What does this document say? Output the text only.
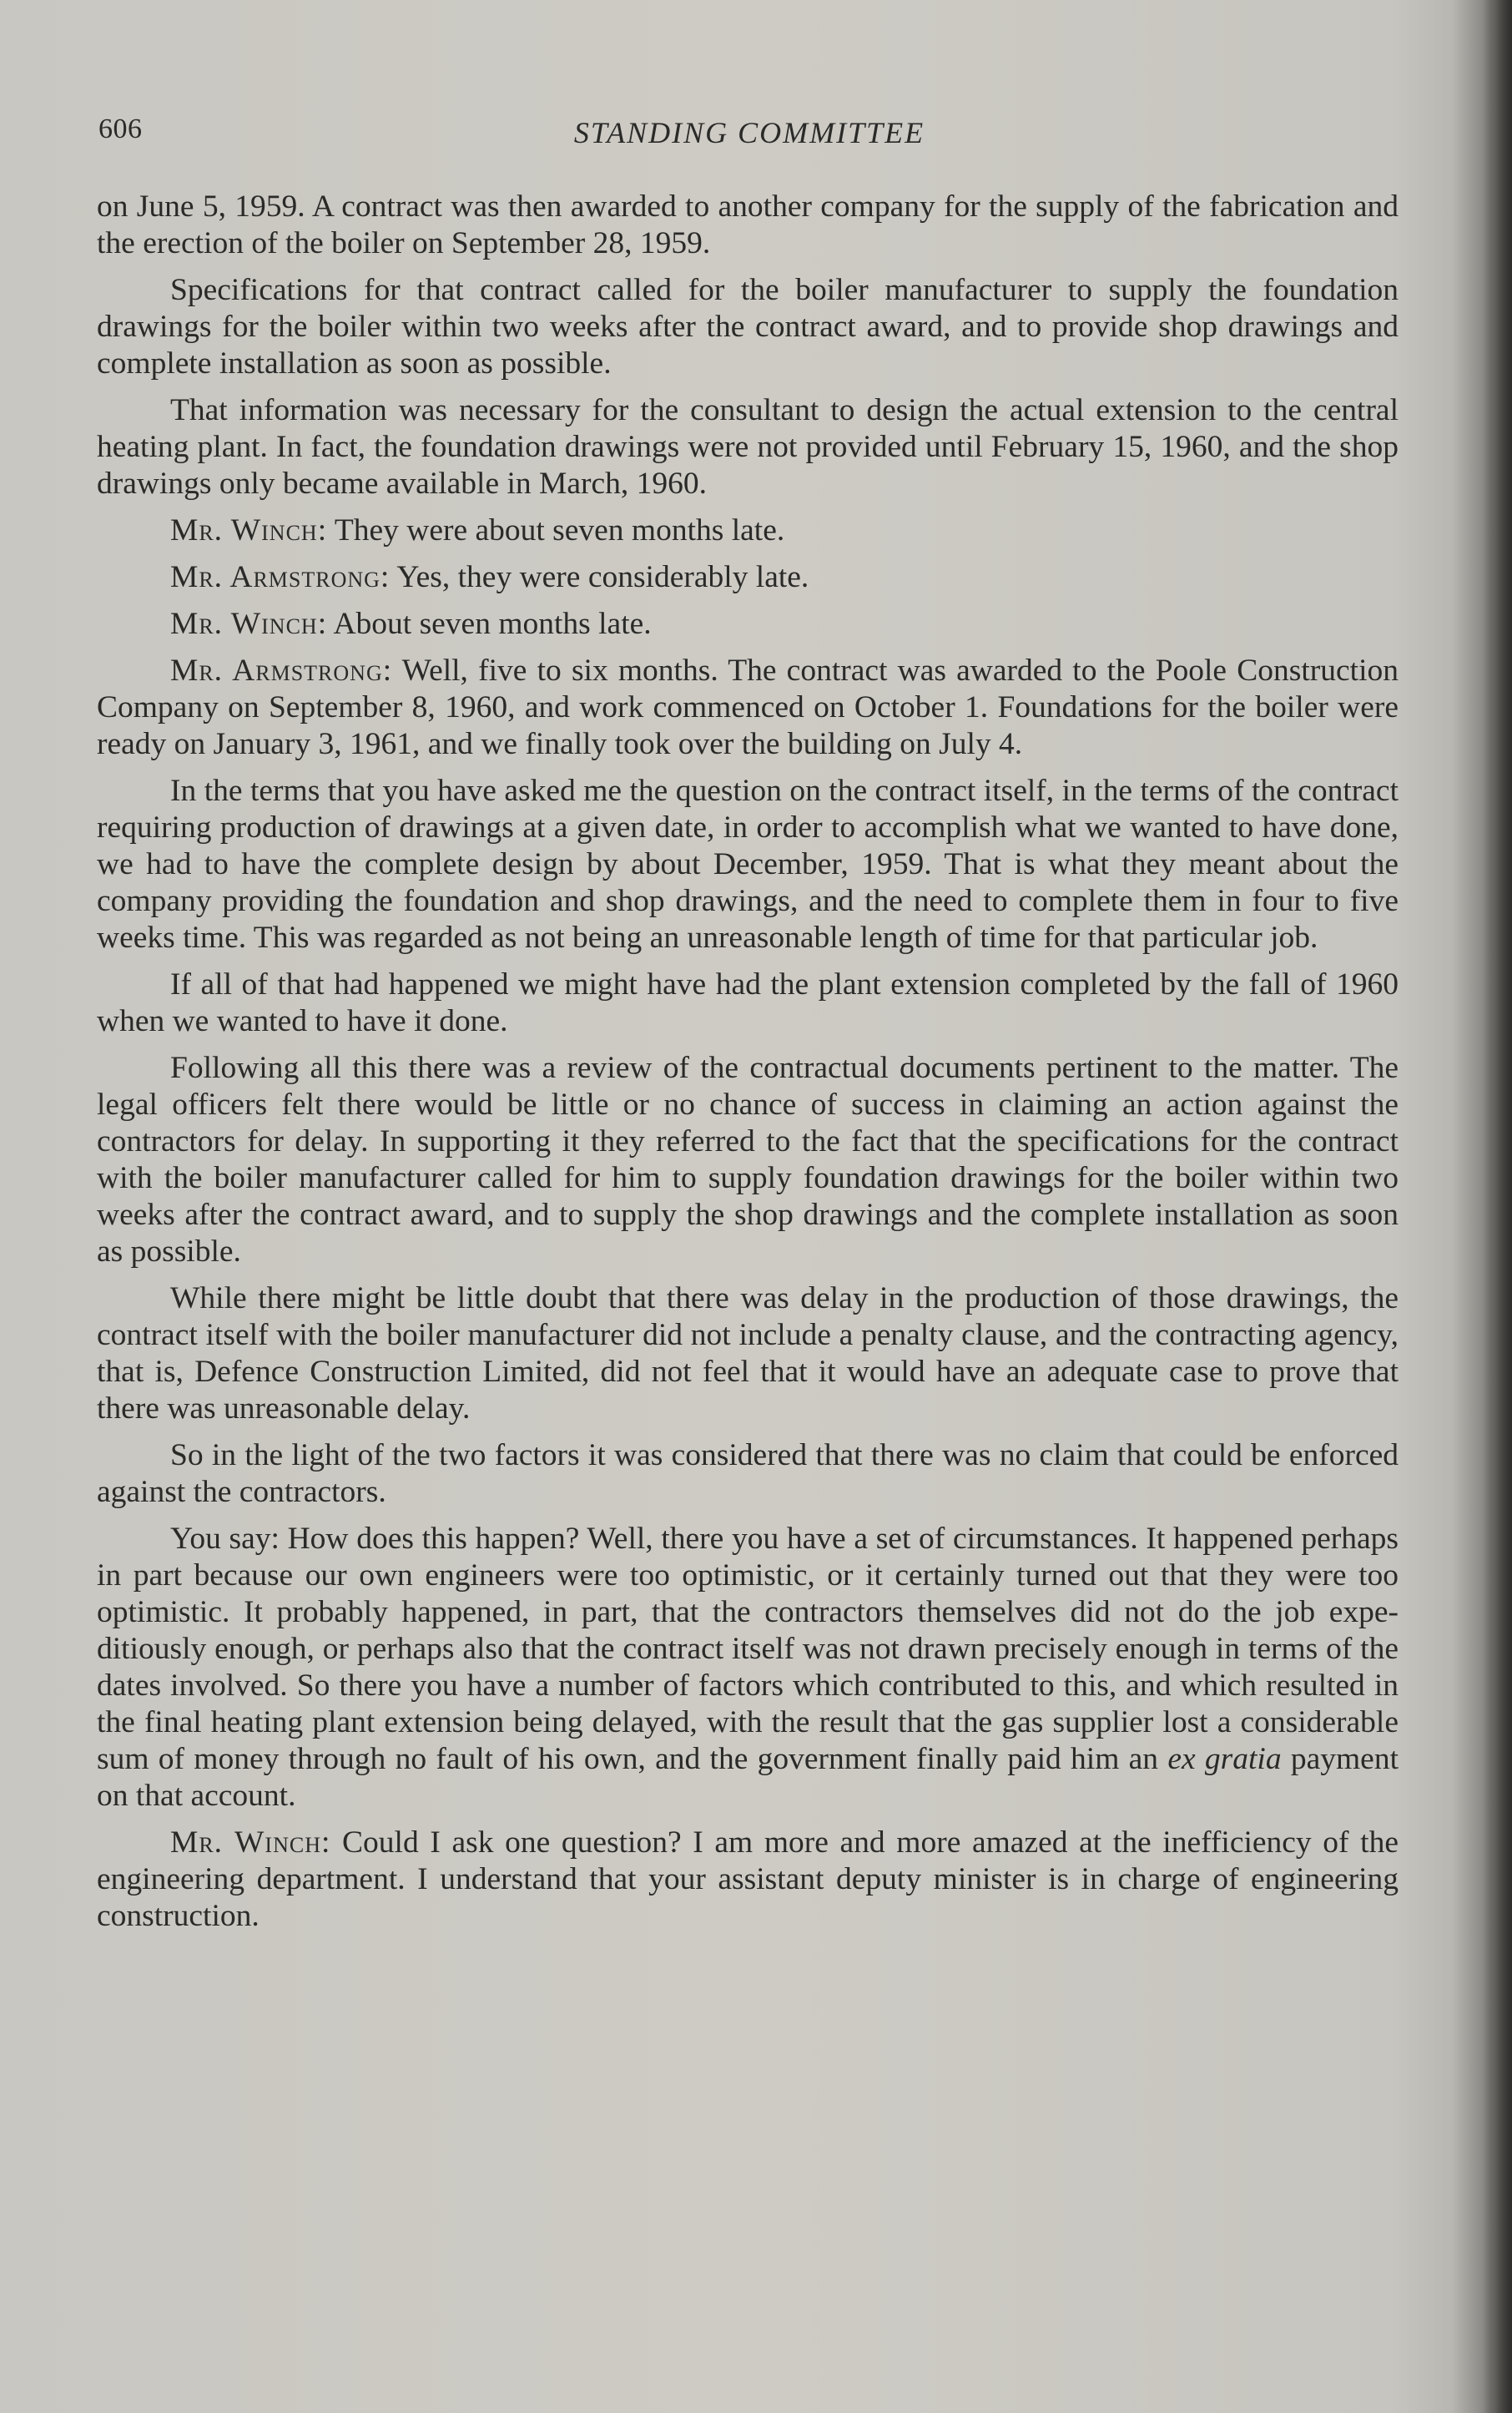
606	STANDING COMMITTEE

on June 5, 1959. A contract was then awarded to another company for the supply of the fabrication and the erection of the boiler on September 28, 1959.

Specifications for that contract called for the boiler manufacturer to supply the foundation drawings for the boiler within two weeks after the contract award, and to provide shop drawings and complete installation as soon as possible.

That information was necessary for the consultant to design the actual extension to the central heating plant. In fact, the foundation drawings were not provided until February 15, 1960, and the shop drawings only became available in March, 1960.

Mr. Winch: They were about seven months late.

Mr. Armstrong: Yes, they were considerably late.

Mr. Winch: About seven months late.

Mr. Armstrong: Well, five to six months. The contract was awarded to the Poole Construction Company on September 8, 1960, and work commenced on October 1. Foundations for the boiler were ready on January 3, 1961, and we finally took over the building on July 4.

In the terms that you have asked me the question on the contract itself, in the terms of the contract requiring production of drawings at a given date, in order to accomplish what we wanted to have done, we had to have the complete design by about December, 1959. That is what they meant about the company providing the foundation and shop drawings, and the need to complete them in four to five weeks time. This was regarded as not being an unreasonable length of time for that particular job.

If all of that had happened we might have had the plant extension completed by the fall of 1960 when we wanted to have it done.

Following all this there was a review of the contractual documents pertinent to the matter. The legal officers felt there would be little or no chance of success in claiming an action against the contractors for delay. In supporting it they referred to the fact that the specifications for the contract with the boiler manufacturer called for him to supply foundation drawings for the boiler within two weeks after the contract award, and to supply the shop drawings and the complete installation as soon as possible.

While there might be little doubt that there was delay in the production of those drawings, the contract itself with the boiler manufacturer did not include a penalty clause, and the contracting agency, that is, Defence Construction Limited, did not feel that it would have an adequate case to prove that there was unreasonable delay.

So in the light of the two factors it was considered that there was no claim that could be enforced against the contractors.

You say: How does this happen? Well, there you have a set of circumstances. It happened perhaps in part because our own engineers were too optimistic, or it certainly turned out that they were too optimistic. It probably happened, in part, that the contractors themselves did not do the job expeditiously enough, or perhaps also that the contract itself was not drawn precisely enough in terms of the dates involved. So there you have a number of factors which contributed to this, and which resulted in the final heating plant extension being delayed, with the result that the gas supplier lost a considerable sum of money through no fault of his own, and the government finally paid him an ex gratia payment on that account.

Mr. Winch: Could I ask one question? I am more and more amazed at the inefficiency of the engineering department. I understand that your assistant deputy minister is in charge of engineering construction.
